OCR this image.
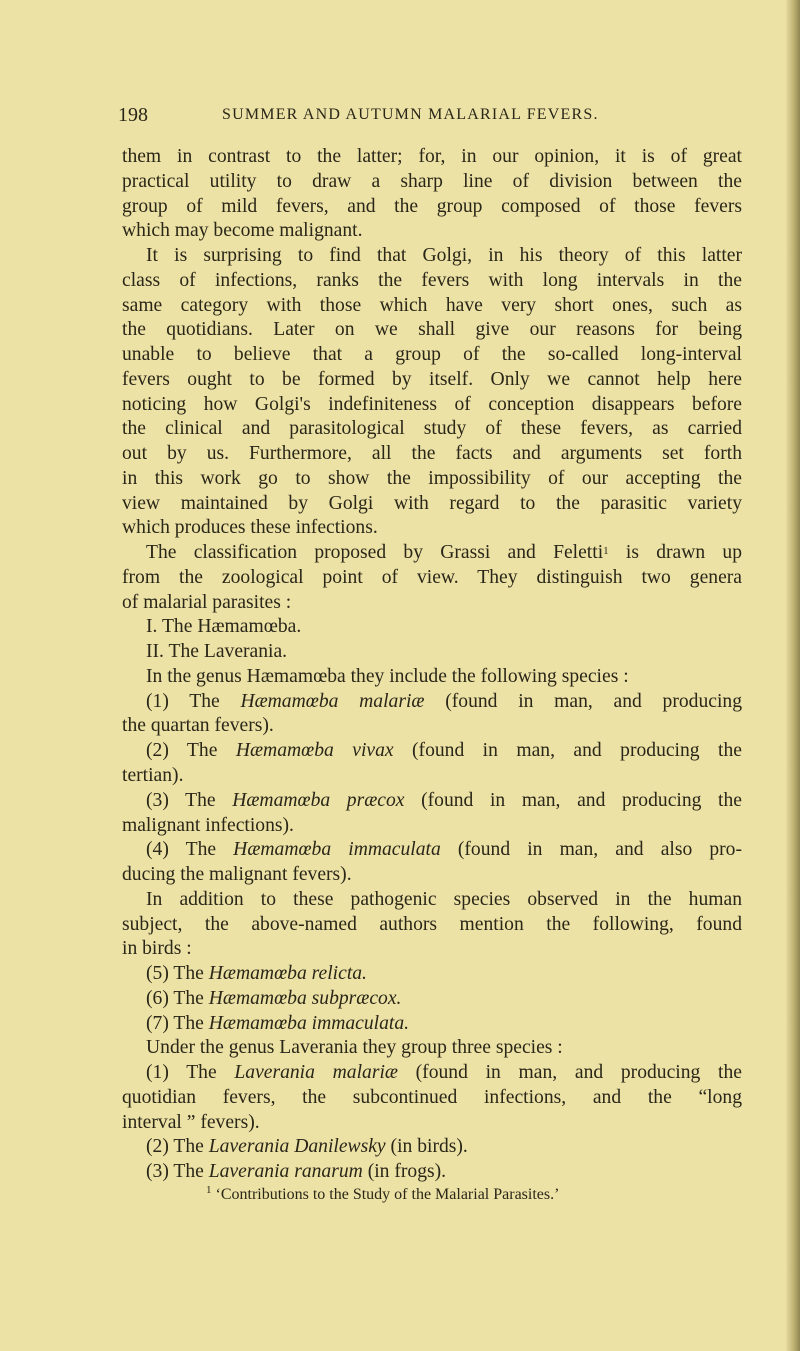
198	SUMMER AND AUTUMN MALARIAL FEVERS.
them in contrast to the latter; for, in our opinion, it is of great
practical utility to draw a sharp line of division between the
group of mild fevers, and the group composed of those fevers
which may become malignant.
It is surprising to find that Golgi, in his theory of this latter
class of infections, ranks the fevers with long intervals in the
same category with those which have very short ones, such as
the quotidians. Later on we shall give our reasons for being
unable to believe that a group of the so-called long-interval
fevers ought to be formed by itself. Only we cannot help here
noticing how Golgi's indefiniteness of conception disappears before
the clinical and parasitological study of these fevers, as carried
out by us. Furthermore, all the facts and arguments set forth
in this work go to show the impossibility of our accepting the
view maintained by Golgi with regard to the parasitic variety
which produces these infections.
The classification proposed by Grassi and Feletti$^1$ is drawn up
from the zoological point of view. They distinguish two genera
of malarial parasites :
I. The Hæmamœba.
II. The Laverania.
In the genus Hæmamœba they include the following species :
(1) The Hæmamœba malariæ (found in man, and producing
the quartan fevers).
(2) The Hæmamœba vivax (found in man, and producing the
tertian).
(3) The Hæmamœba præcox (found in man, and producing the
malignant infections).
(4) The Hæmamœba immaculata (found in man, and also pro-
ducing the malignant fevers).
In addition to these pathogenic species observed in the human
subject, the above-named authors mention the following, found
in birds :
(5) The Hæmamœba relicta.
(6) The Hæmamœba subpræcox.
(7) The Hæmamœba immaculata.
Under the genus Laverania they group three species :
(1) The Laverania malariæ (found in man, and producing the
quotidian fevers, the subcontinued infections, and the “long
interval ” fevers).
(2) The Laverania Danilewsky (in birds).
(3) The Laverania ranarum (in frogs).
$^1$ ‘Contributions to the Study of the Malarial Parasites.’
